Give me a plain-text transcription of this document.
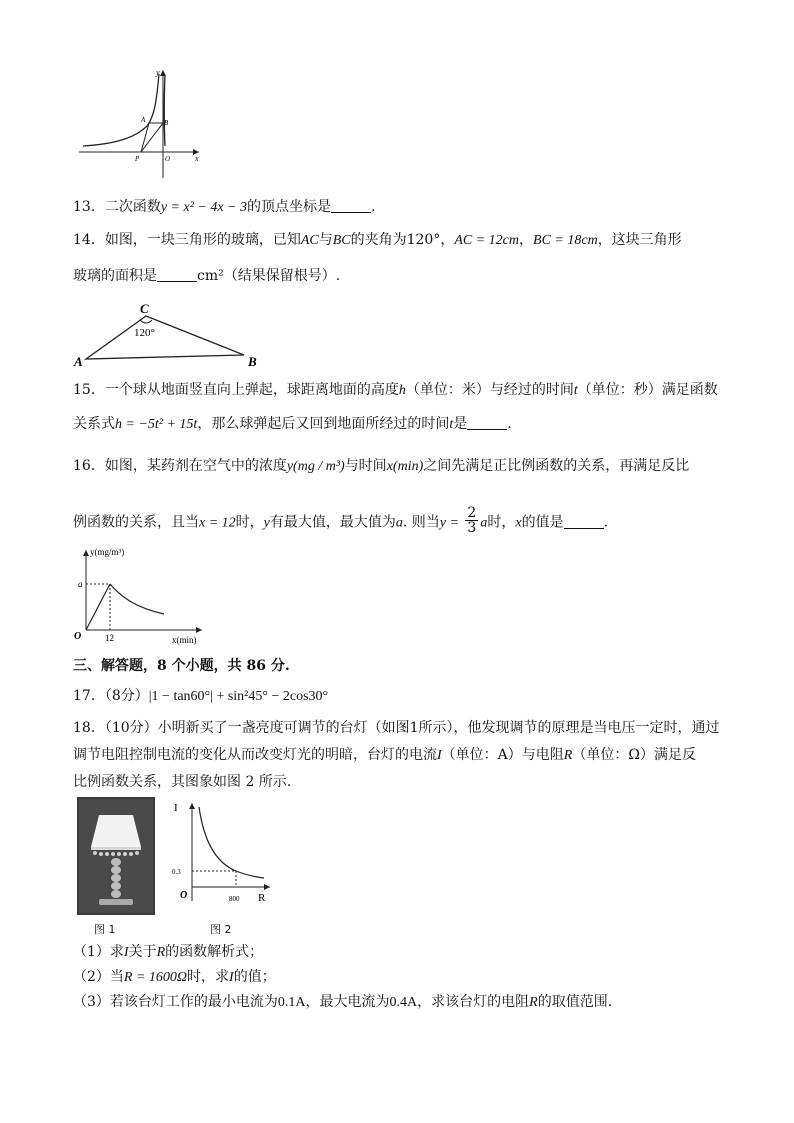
y
x
A	B
P	O
13．二次函数y = x² − 4x − 3的顶点坐标是	.
14．如图，一块三角形的玻璃，已知AC与BC的夹角为120°，AC = 12cm，BC = 18cm，这块三角形
玻璃的面积是	cm²（结果保留根号）.
C
120°
A	B
15．一个球从地面竖直向上弹起，球距离地面的高度h（单位：米）与经过的时间t（单位：秒）满足函数
关系式h = −5t² + 15t，那么球弹起后又回到地面所经过的时间t是	.
16．如图，某药剂在空气中的浓度y(mg / m³)与时间x(min)之间先满足正比例函数的关系，再满足反比
例函数的关系，且当x = 12时，y有最大值，最大值为a. 则当$y = \frac{2}{3}$ a时，x的值是	.
y(mg/m³)
a
O	12	x(min)
三、解答题，8 个小题，共 86 分.
17．（8分）|1 − tan60°| + sin²45° − 2cos30°
18．（10分）小明新买了一盏亮度可调节的台灯（如图1所示），他发现调节的原理是当电压一定时，通过
调节电阻控制电流的变化从而改变灯光的明暗，台灯的电流I（单位：A）与电阻R（单位：Ω）满足反
比例函数关系，其图象如图 2 所示.
I
0.3
O	800 R
图 1	图 2
（1）求I关于R的函数解析式；
（2）当R = 1600Ω时，求I的值；
（3）若该台灯工作的最小电流为0.1A，最大电流为0.4A，求该台灯的电阻R的取值范围.
